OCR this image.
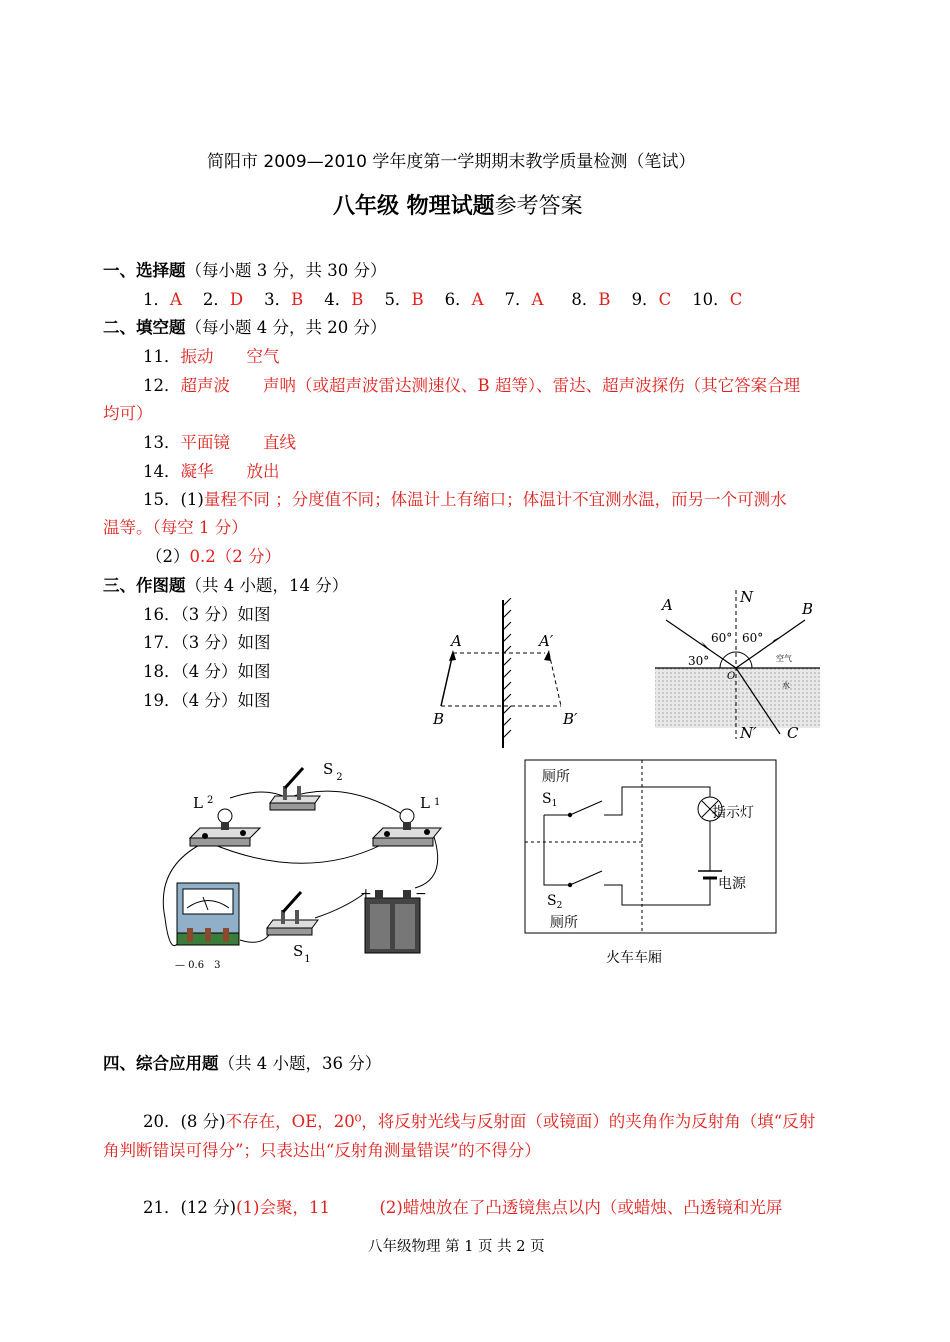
简阳市 2009—2010 学年度第一学期期末教学质量检测（笔试）
八年级 物理试题参考答案
一、选择题（每小题 3 分，共 30 分）
1．A 2．D 3．B 4．B 5．B 6．A 7．A 8．B 9．C 10．C
二、填空题（每小题 4 分，共 20 分）
11．振动　　 空气
12．超声波　　声呐（或超声波雷达测速仪、B 超等）、雷达、超声波探伤（其它答案合理
均可）
13．平面镜　　 直线
14．凝华　　 放出
15．(1)量程不同 ；分度值不同；体温计上有缩口；体温计不宜测水温，而另一个可测水
温等。（每空 1 分）
（2）0.2（2 分）
三、作图题（共 4 小题，14 分）
16．（3 分）如图
17．（3 分）如图
18．（4 分）如图
19．（4 分）如图
A	A′
B	B′
A	B
C
N
N′
O
60° 60°
30°	空气
水
— 0.6　3
+	−
S $_2$
$S_1$
L $^2$	L $^1$
厕所
$S_1$
$S_2$
厕所
指示灯
电源
火车车厢
四、综合应用题（共 4 小题，36 分）
20．(8 分)不存在，OE，20⁰，将反射光线与反射面（或镜面）的夹角作为反射角（填“反射
角判断错误可得分”；只表达出“反射角测量错误”的不得分）
21．(12 分)(1)会聚，11　　　(2)蜡烛放在了凸透镜焦点以内（或蜡烛、凸透镜和光屏
八年级物理 第 1 页 共 2 页
